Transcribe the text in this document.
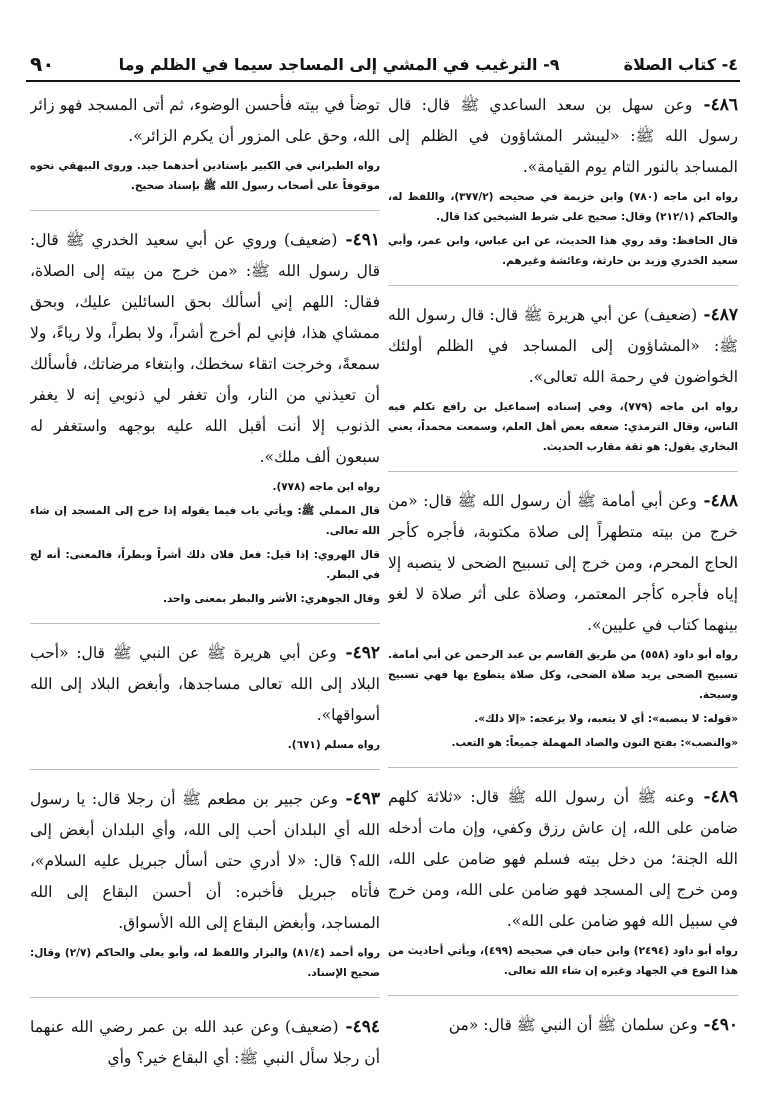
٤- كتاب الصلاة
٩- الترغيب في المشي إلى المساجد سيما في الظلم وما
٩٠

٤٨٦- وعن سهل بن سعد الساعدي ﷺ قال: قال رسول الله ﷺ: «ليبشر المشاؤون في الظلم إلى المساجد بالنور التام يوم القيامة».

رواه ابن ماجه (٧٨٠) وابن خزيمة في صحيحه (٣٧٧/٢)، واللفظ له، والحاكم (٢١٢/١) وقال: صحيح على شرط الشيخين كذا قال.

قال الحافظ: وقد روي هذا الحديث، عن ابن عباس، وابن عمر، وأبي سعيد الخدري وزيد بن حارثة، وعائشة وغيرهم.

٤٨٧- (ضعيف) عن أبي هريرة ﷺ قال: قال رسول الله ﷺ: «المشاؤون إلى المساجد في الظلم أولئك الخواضون في رحمة الله تعالى».

رواه ابن ماجه (٧٧٩)، وفي إسناده إسماعيل بن رافع تكلم فيه الناس، وقال الترمذي: ضعفه بعض أهل العلم، وسمعت محمداً، يعني البخاري يقول: هو ثقة مقارب الحديث.

٤٨٨- وعن أبي أمامة ﷺ أن رسول الله ﷺ قال: «من خرج من بيته متطهراً إلى صلاة مكتوبة، فأجره كأجر الحاج المحرم، ومن خرج إلى تسبيح الضحى لا ينصبه إلا إياه فأجره كأجر المعتمر، وصلاة على أثر صلاة لا لغو بينهما كتاب في عليين».

رواه أبو داود (٥٥٨) من طريق القاسم بن عبد الرحمن عن أبي أمامة. تسبيح الضحى يريد صلاة الضحى، وكل صلاة يتطوع بها فهي تسبيح وسبحة.

«قوله: لا ينصبه»: أي لا يتعبه، ولا يزعجه: «إلا ذلك».

«والنصب»: بفتح النون والصاد المهملة جميعاً: هو التعب.

٤٨٩- وعنه ﷺ أن رسول الله ﷺ قال: «ثلاثة كلهم ضامن على الله، إن عاش رزق وكفي، وإن مات أدخله الله الجنة؛ من دخل بيته فسلم فهو ضامن على الله، ومن خرج إلى المسجد فهو ضامن على الله، ومن خرج في سبيل الله فهو ضامن على الله».

رواه أبو داود (٢٤٩٤) وابن حبان في صحيحه (٤٩٩)، ويأتي أحاديث من هذا النوع في الجهاد وغيره إن شاء الله تعالى.

٤٩٠- وعن سلمان ﷺ أن النبي ﷺ قال: «من

توضأ في بيته فأحسن الوضوء، ثم أتى المسجد فهو زائر الله، وحق على المزور أن يكرم الزائر».

رواه الطبراني في الكبير بإسنادين أحدهما جيد. وروى البيهقي نحوه موقوفاً على أصحاب رسول الله ﷺ بإسناد صحيح.

٤٩١- (ضعيف) وروي عن أبي سعيد الخدري ﷺ قال: قال رسول الله ﷺ: «من خرج من بيته إلى الصلاة، فقال: اللهم إني أسألك بحق السائلين عليك، وبحق ممشاي هذا، فإني لم أخرج أشراً، ولا بطراً، ولا رياءً، ولا سمعةً، وخرجت اتقاء سخطك، وابتغاء مرضاتك، فأسألك أن تعيذني من النار، وأن تغفر لي ذنوبي إنه لا يغفر الذنوب إلا أنت أقبل الله عليه بوجهه واستغفر له سبعون ألف ملك».

رواه ابن ماجه (٧٧٨).

قال المملي ﷺ: ويأتي باب فيما يقوله إذا خرج إلى المسجد إن شاء الله تعالى.

قال الهروي: إذا قيل: فعل فلان ذلك أشراً وبطراً، فالمعنى: أنه لج في البطر.

وقال الجوهري: الأشر والبطر بمعنى واحد.

٤٩٢- وعن أبي هريرة ﷺ عن النبي ﷺ قال: «أحب البلاد إلى الله تعالى مساجدها، وأبغض البلاد إلى الله أسواقها».

رواه مسلم (٦٧١).

٤٩٣- وعن جبير بن مطعم ﷺ أن رجلا قال: يا رسول الله أي البلدان أحب إلى الله، وأي البلدان أبغض إلى الله؟ قال: «لا أدري حتى أسأل جبريل عليه السلام»، فأتاه جبريل فأخبره: أن أحسن البقاع إلى الله المساجد، وأبغض البقاع إلى الله الأسواق.

رواه أحمد (٨١/٤) والبزار واللفظ له، وأبو يعلى والحاكم (٢/٧) وقال: صحيح الإسناد.

٤٩٤- (ضعيف) وعن عبد الله بن عمر رضي الله عنهما أن رجلا سأل النبي ﷺ: أي البقاع خير؟ وأي
